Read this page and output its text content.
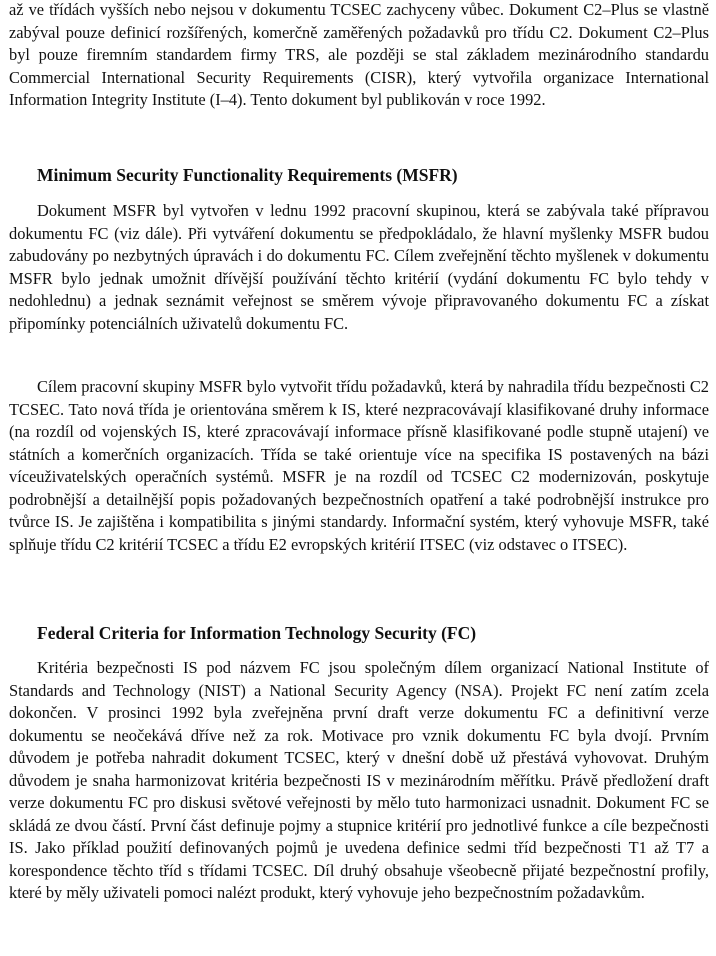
až ve třídách vyšších nebo nejsou v dokumentu TCSEC zachyceny vůbec. Dokument C2–Plus se vlastně zabýval pouze definicí rozšířených, komerčně zaměřených požadavků pro třídu C2. Dokument C2–Plus byl pouze firemním standardem firmy TRS, ale později se stal základem mezinárodního standardu Commercial International Security Requirements (CISR), který vytvořila organizace International Information Integrity Institute (I–4). Tento dokument byl publikován v roce 1992.

Minimum Security Functionality Requirements (MSFR)

Dokument MSFR byl vytvořen v lednu 1992 pracovní skupinou, která se zabývala také přípravou dokumentu FC (viz dále). Při vytváření dokumentu se předpokládalo, že hlavní myšlenky MSFR budou zabudovány po nezbytných úpravách i do dokumentu FC. Cílem zveřejnění těchto myšlenek v dokumentu MSFR bylo jednak umožnit dřívější používání těchto kritérií (vydání dokumentu FC bylo tehdy v nedohlednu) a jednak seznámit veřejnost se směrem vývoje připravovaného dokumentu FC a získat připomínky potenciálních uživatelů dokumentu FC.

Cílem pracovní skupiny MSFR bylo vytvořit třídu požadavků, která by nahradila třídu bezpečnosti C2 TCSEC. Tato nová třída je orientována směrem k IS, které nezpracovávají klasifikované druhy informace (na rozdíl od vojenských IS, které zpracovávají informace přísně klasifikované podle stupně utajení) ve státních a komerčních organizacích. Třída se také orientuje více na specifika IS postavených na bázi víceuživatelských operačních systémů. MSFR je na rozdíl od TCSEC C2 modernizován, poskytuje podrobnější a detailnější popis požadovaných bezpečnostních opatření a také podrobnější instrukce pro tvůrce IS. Je zajištěna i kompatibilita s jinými standardy. Informační systém, který vyhovuje MSFR, také splňuje třídu C2 kritérií TCSEC a třídu E2 evropských kritérií ITSEC (viz odstavec o ITSEC).

Federal Criteria for Information Technology Security (FC)

Kritéria bezpečnosti IS pod názvem FC jsou společným dílem organizací National Institute of Standards and Technology (NIST) a National Security Agency (NSA). Projekt FC není zatím zcela dokončen. V prosinci 1992 byla zveřejněna první draft verze dokumentu FC a definitivní verze dokumentu se neočekává dříve než za rok. Motivace pro vznik dokumentu FC byla dvojí. Prvním důvodem je potřeba nahradit dokument TCSEC, který v dnešní době už přestává vyhovovat. Druhým důvodem je snaha harmonizovat kritéria bezpečnosti IS v mezinárodním měřítku. Právě předložení draft verze dokumentu FC pro diskusi světové veřejnosti by mělo tuto harmonizaci usnadnit. Dokument FC se skládá ze dvou částí. První část definuje pojmy a stupnice kritérií pro jednotlivé funkce a cíle bezpečnosti IS. Jako příklad použití definovaných pojmů je uvedena definice sedmi tříd bezpečnosti T1 až T7 a korespondence těchto tříd s třídami TCSEC. Díl druhý obsahuje všeobecně přijaté bezpečnostní profily, které by měly uživateli pomoci nalézt produkt, který vyhovuje jeho bezpečnostním požadavkům.
